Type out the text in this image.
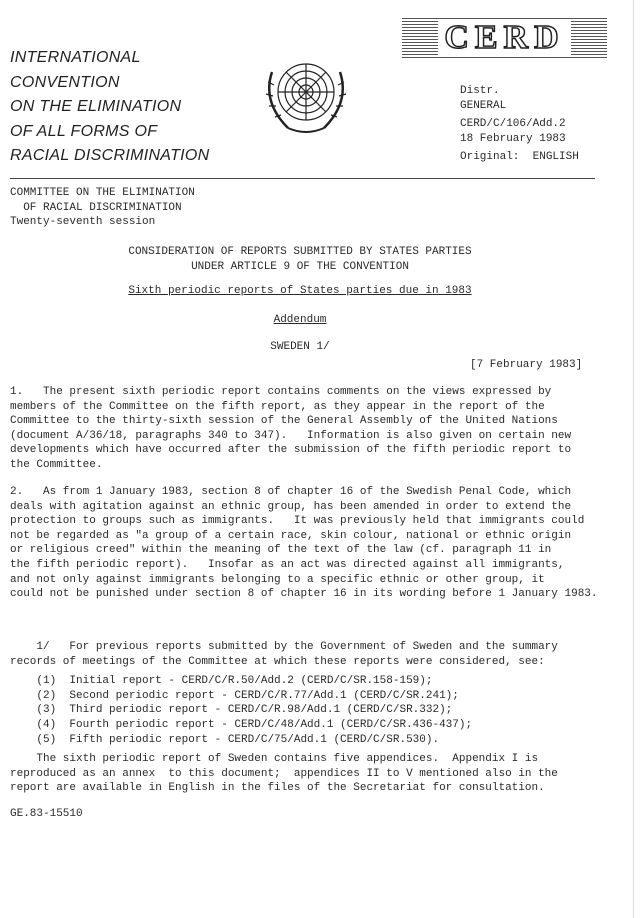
INTERNATIONAL
CONVENTION
ON THE ELIMINATION
OF ALL FORMS OF
RACIAL DISCRIMINATION
CERD
Distr.
GENERAL
CERD/C/106/Add.2
18 February 1983
Original:  ENGLISH
COMMITTEE ON THE ELIMINATION
OF RACIAL DISCRIMINATION
Twenty-seventh session
CONSIDERATION OF REPORTS SUBMITTED BY STATES PARTIES
UNDER ARTICLE 9 OF THE CONVENTION
Sixth periodic reports of States parties due in 1983
Addendum
SWEDEN 1/
[7 February 1983]
1.   The present sixth periodic report contains comments on the views expressed by
members of the Committee on the fifth report, as they appear in the report of the
Committee to the thirty-sixth session of the General Assembly of the United Nations
(document A/36/18, paragraphs 340 to 347).   Information is also given on certain new
developments which have occurred after the submission of the fifth periodic report to
the Committee.
2.   As from 1 January 1983, section 8 of chapter 16 of the Swedish Penal Code, which
deals with agitation against an ethnic group, has been amended in order to extend the
protection to groups such as immigrants.   It was previously held that immigrants could
not be regarded as "a group of a certain race, skin colour, national or ethnic origin
or religious creed" within the meaning of the text of the law (cf. paragraph 11 in
the fifth periodic report).   Insofar as an act was directed against all immigrants,
and not only against immigrants belonging to a specific ethnic or other group, it
could not be punished under section 8 of chapter 16 in its wording before 1 January 1983.
1/   For previous reports submitted by the Government of Sweden and the summary
records of meetings of the Committee at which these reports were considered, see:
(1)  Initial report - CERD/C/R.50/Add.2 (CERD/C/SR.158-159);
(2)  Second periodic report - CERD/C/R.77/Add.1 (CERD/C/SR.241);
(3)  Third periodic report - CERD/C/R.98/Add.1 (CERD/C/SR.332);
(4)  Fourth periodic report - CERD/C/48/Add.1 (CERD/C/SR.436-437);
(5)  Fifth periodic report - CERD/C/75/Add.1 (CERD/C/SR.530).
The sixth periodic report of Sweden contains five appendices.  Appendix I is
reproduced as an annex  to this document;  appendices II to V mentioned also in the
report are available in English in the files of the Secretariat for consultation.
GE.83-15510
